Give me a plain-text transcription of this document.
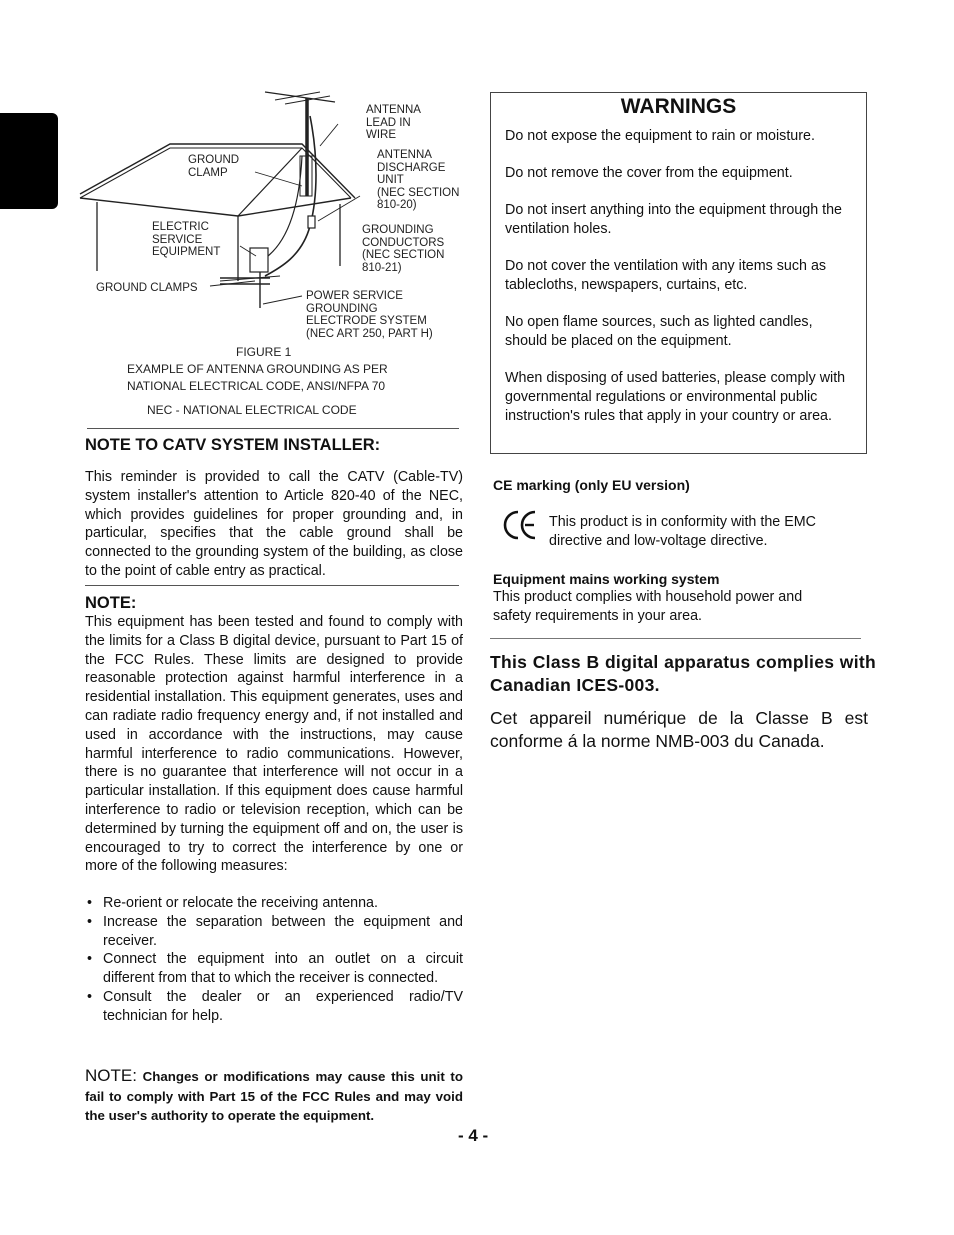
ANTENNA
LEAD IN
WIRE
ANTENNA
DISCHARGE
UNIT
(NEC SECTION
810-20)
GROUND
CLAMP
ELECTRIC
SERVICE
EQUIPMENT
GROUNDING
CONDUCTORS
(NEC SECTION
810-21)
GROUND CLAMPS
POWER SERVICE
GROUNDING
ELECTRODE SYSTEM
(NEC ART 250, PART H)
FIGURE 1
EXAMPLE OF ANTENNA GROUNDING AS PER
NATIONAL ELECTRICAL CODE, ANSI/NFPA 70
NEC - NATIONAL ELECTRICAL CODE
NOTE TO CATV SYSTEM INSTALLER:
This reminder is provided to call the CATV (Cable-TV) system installer's attention to Article 820-40 of the NEC, which provides guidelines for proper grounding and, in particular, specifies that the cable ground shall be connected to the grounding system of the building, as close to the point of cable entry as practical.
NOTE:
This equipment has been tested and found to comply with the limits for a Class B digital device, pursuant to Part 15 of the FCC Rules. These limits are designed to provide reasonable protection against harmful interference in a residential installation. This equipment generates, uses and can radiate radio frequency energy and, if not installed and used in accordance with the instructions, may cause harmful interference to radio communications. However, there is no guarantee that interference will not occur in a particular installation. If this equipment does cause harmful interference to radio or television reception, which can be determined by turning the equipment off and on, the user is encouraged to try to correct the interference by one or more of the following measures:
• Re-orient or relocate the receiving antenna.
• Increase the separation between the equipment and receiver.
• Connect the equipment into an outlet on a circuit different from that to which the receiver is connected.
• Consult the dealer or an experienced radio/TV technician for help.
NOTE: Changes or modifications may cause this unit to fail to comply with Part 15 of the FCC Rules and may void the user's authority to operate the equipment.
WARNINGS
Do not expose the equipment to rain or moisture.
Do not remove the cover from the equipment.
Do not insert anything into the equipment through the ventilation holes.
Do not cover the ventilation with any items such as tablecloths, newspapers, curtains, etc.
No open flame sources, such as lighted candles, should be placed on the equipment.
When disposing of used batteries, please comply with governmental regulations or environmental public instruction's rules that apply in your country or area.
CE marking (only EU version)
This product is in conformity with the EMC directive and low-voltage directive.
Equipment mains working system
This product complies with household power and safety requirements in your area.
This Class B digital apparatus complies with Canadian ICES-003.
Cet appareil numérique de la Classe B est conforme á la norme NMB-003 du Canada.
- 4 -
